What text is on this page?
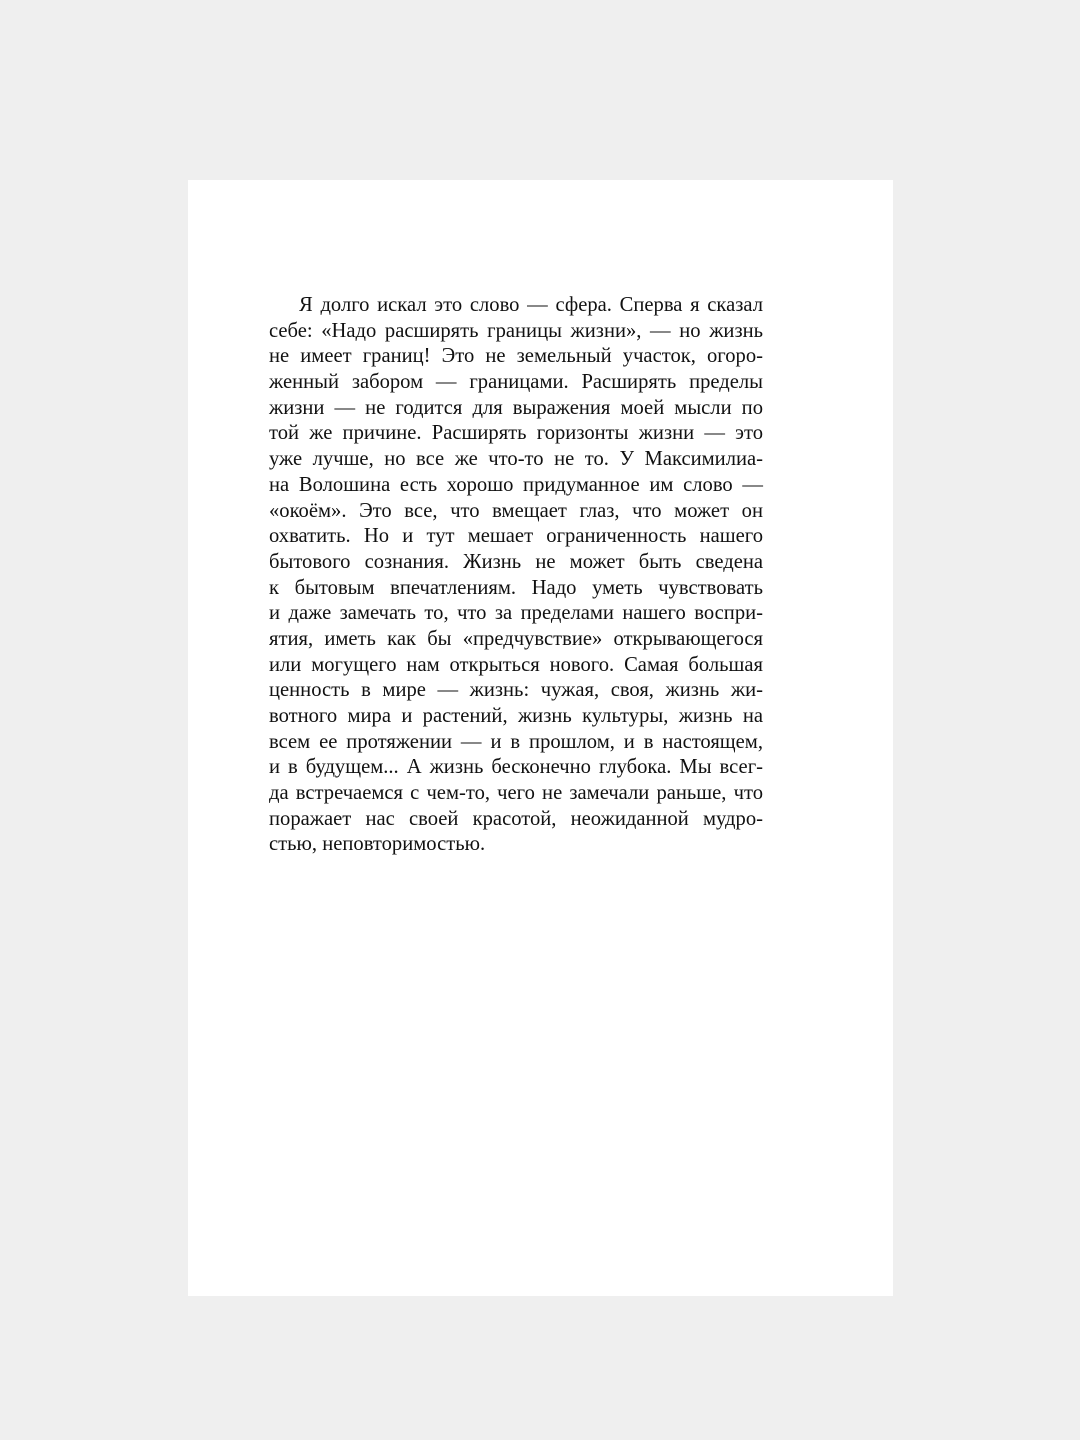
Я долго искал это слово — сфера. Сперва я сказал
себе: «Надо расширять границы жизни», — но жизнь
не имеет границ! Это не земельный участок, огоро-
женный забором — границами. Расширять пределы
жизни — не годится для выражения моей мысли по
той же причине. Расширять горизонты жизни — это
уже лучше, но все же что-то не то. У Максимилиа-
на Волошина есть хорошо придуманное им слово —
«окоём». Это все, что вмещает глаз, что может он
охватить. Но и тут мешает ограниченность нашего
бытового сознания. Жизнь не может быть сведена
к бытовым впечатлениям. Надо уметь чувствовать
и даже замечать то, что за пределами нашего воспри-
ятия, иметь как бы «предчувствие» открывающегося
или могущего нам открыться нового. Самая большая
ценность в мире — жизнь: чужая, своя, жизнь жи-
вотного мира и растений, жизнь культуры, жизнь на
всем ее протяжении — и в прошлом, и в настоящем,
и в будущем... А жизнь бесконечно глубока. Мы всег-
да встречаемся с чем-то, чего не замечали раньше, что
поражает нас своей красотой, неожиданной мудро-
стью, неповторимостью.
